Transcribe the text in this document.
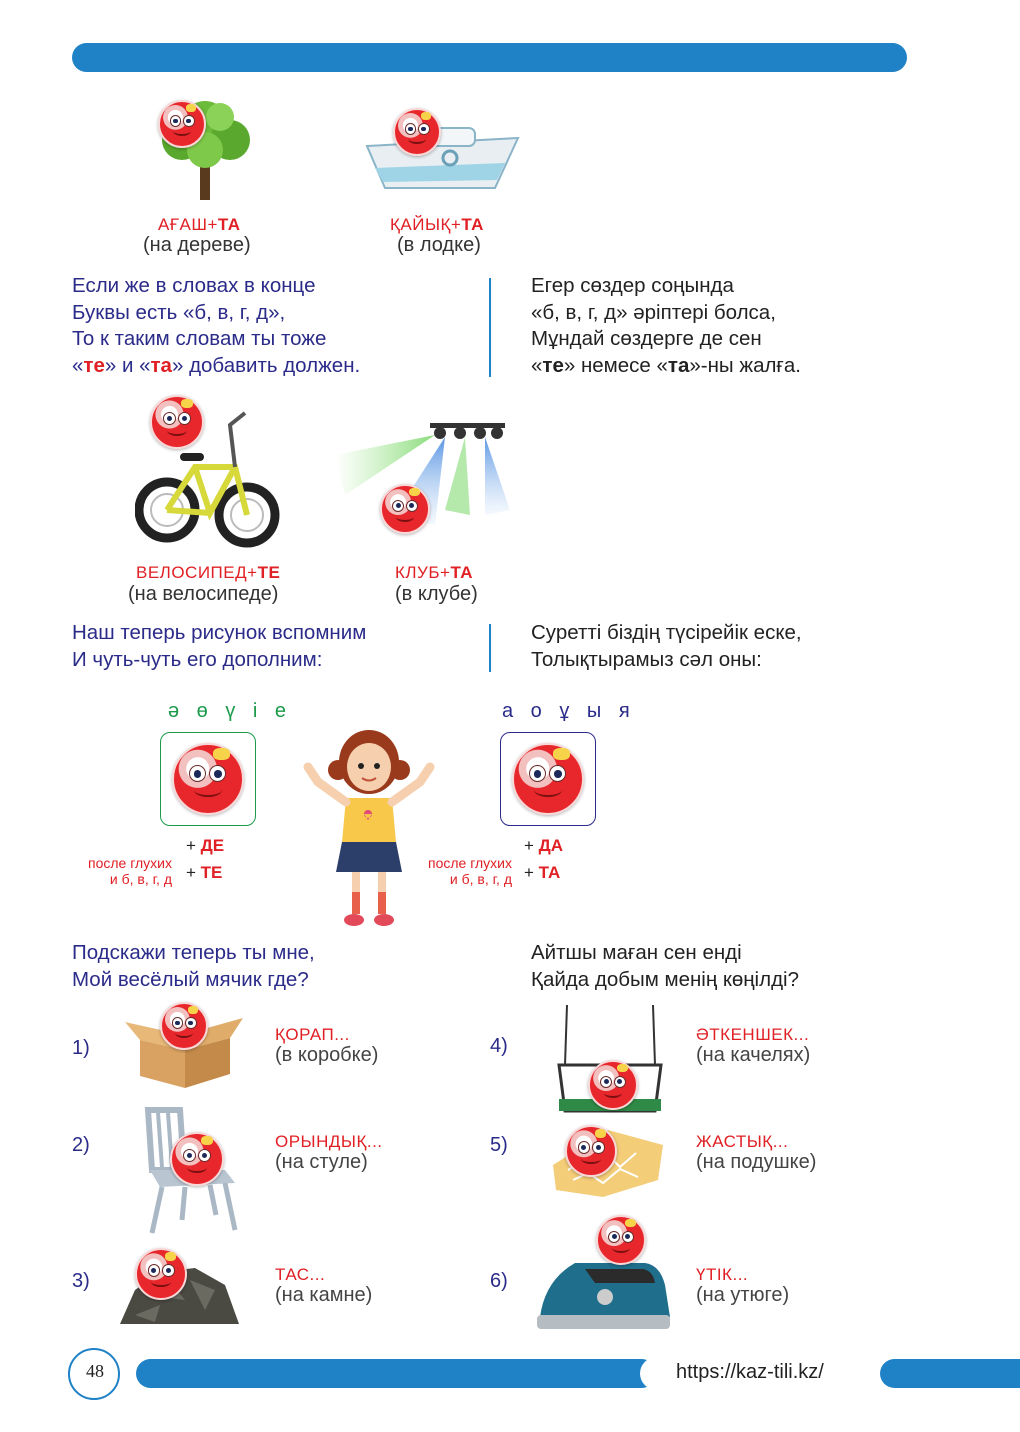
АҒАШ+ТА
(на дереве)
ҚАЙЫҚ+ТА
(в лодке)
Если же в словах в конце
Буквы есть «б, в, г, д»,
То к таким словам ты тоже
«те» и «та» добавить должен.
Егер сөздер соңында
«б, в, г, д» әріптері болса,
Мұндай сөздерге де сен
«те» немесе «та»-ны жалға.
ВЕЛОСИПЕД+ТЕ
(на велосипеде)
КЛУБ+ТА
(в клубе)
Наш теперь рисунок вспомним
И чуть-чуть его дополним:
Суретті біздің түсірейік еске,
Толықтырамыз сәл оны:
ә ө ү і е
+ ДЕ
после глухих
и б, в, г, д + ТЕ
а о ұ ы я
+ ДА
после глухих
и б, в, г, д + ТА
Подскажи теперь ты мне,
Мой весёлый мячик где?
Айтшы маған сен енді
Қайда добым менің көңілді?
1)
ҚОРАП...
(в коробке)
2)	ОРЫНДЫҚ...
(на стуле)
3)	ТАС...
(на камне)
4)
ӘТКЕНШЕК...
(на качелях)
5)	ЖАСТЫҚ...
(на подушке)
6)	ҮТІК...
(на утюге)
48	https://kaz-tili.kz/
